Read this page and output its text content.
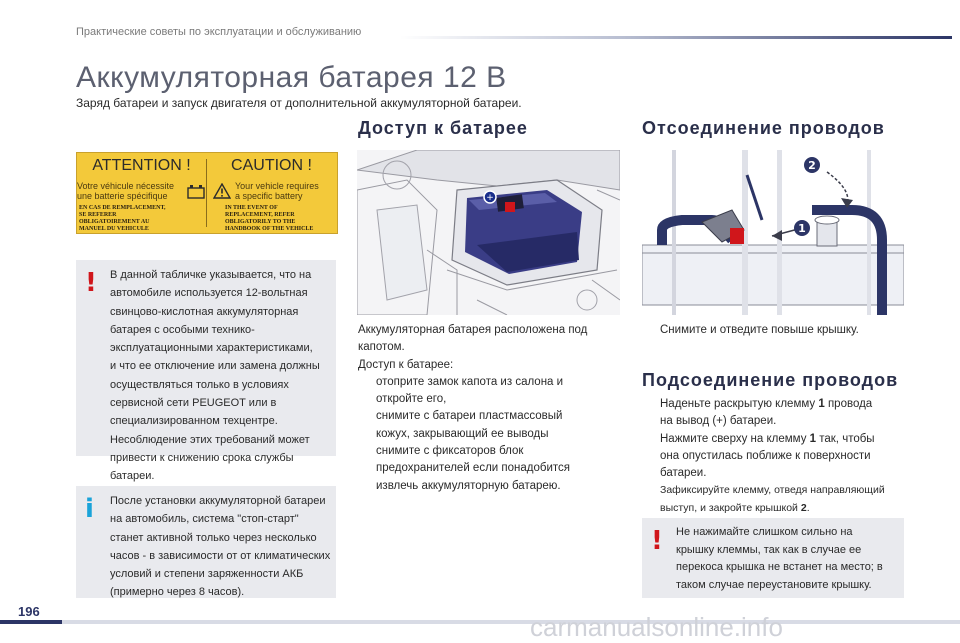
Практические советы по эксплуатации и обслуживанию
Аккумуляторная батарея 12 В
Заряд батареи и запуск двигателя от дополнительной аккумуляторной батареи.
ATTENTION !
Votre véhicule nécessite
une batterie spécifique
EN CAS DE REMPLACEMENT,
SE REFERER
OBLIGATOIREMENT AU
MANUEL DU VEHICULE
CAUTION !
Your vehicle requires
a specific battery
IN THE EVENT OF
REPLACEMENT, REFER
OBLIGATORILY TO THE
HANDBOOK OF THE VEHICLE
! В данной табличке указывается, что на
автомобиле используется 12-вольтная
свинцово-кислотная аккумуляторная
батарея с особыми технико-
эксплуатационными характеристиками,
и что ее отключение или замена должны
осуществляться только в условиях
сервисной сети PEUGEOT или в
специализированном техцентре.
Несоблюдение этих требований может
привести к снижению срока службы батареи.
i После установки аккумуляторной батареи
на автомобиль, система "стоп-старт"
станет активной только через несколько
часов - в зависимости от от климатических
условий и степени заряженности АКБ
(примерно через 8 часов).
Доступ к батарее
+
Аккумуляторная батарея расположена под
капотом.
Доступ к батарее:
отоприте замок капота из салона и
откройте его,
снимите с батареи пластмассовый
кожух, закрывающий ее выводы
снимите с фиксаторов блок
предохранителей если понадобится
извлечь аккумуляторную батарею.
Отсоединение проводов
1
2
Снимите и отведите повыше крышку.
Подсоединение проводов
Наденьте раскрытую клемму 1 провода
на вывод (+) батареи.
Нажмите сверху на клемму 1 так, чтобы
она опустилась поближе к поверхности
батареи.
Зафиксируйте клемму, отведя направляющий
выступ, и закройте крышкой 2.
! Не нажимайте слишком сильно на
крышку клеммы, так как в случае ее
перекоса крышка не встанет на место; в
таком случае переустановите крышку.
196
carmanualsonline.info
